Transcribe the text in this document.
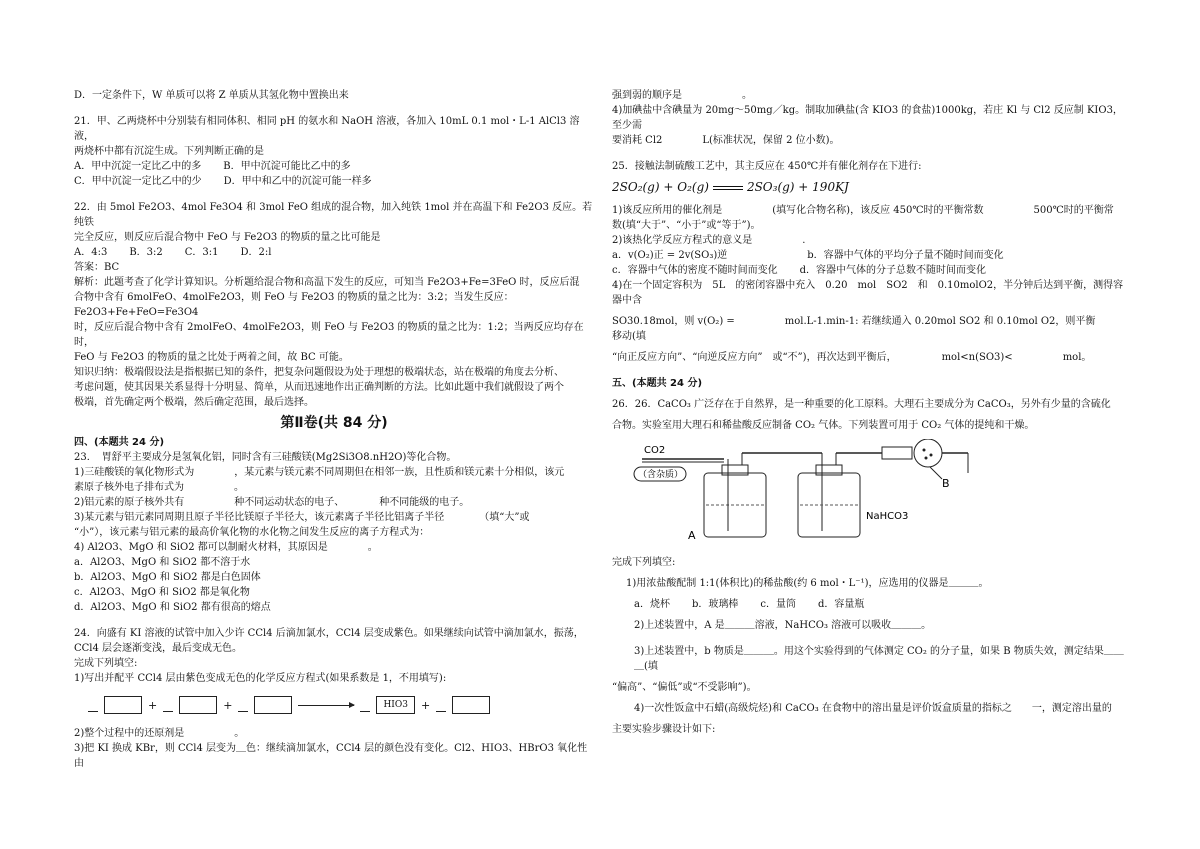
D．一定条件下，W 单质可以将 Z 单质从其氢化物中置换出来

21．甲、乙两烧杯中分别装有相同体积、相同 pH 的氨水和 NaOH 溶液，各加入 10mL 0.1 mol・L-1 AlCl3 溶液，

两烧杯中都有沉淀生成。下列判断正确的是

A．甲中沉淀一定比乙中的多 B．甲中沉淀可能比乙中的多
C．甲中沉淀一定比乙中的少 D．甲中和乙中的沉淀可能一样多

22．由 5mol Fe2O3、4mol Fe3O4 和 3mol FeO 组成的混合物，加入纯铁 1mol 并在高温下和 Fe2O3 反应。若纯铁

完全反应，则反应后混合物中 FeO 与 Fe2O3 的物质的量之比可能是

A．4:3 B．3:2 C．3:1 D．2:l

答案：BC

解析：此题考查了化学计算知识。分析题给混合物和高温下发生的反应，可知当 Fe2O3+Fe=3FeO 时，反应后混

合物中含有 6molFeO、4molFe2O3，则 FeO 与 Fe2O3 的物质的量之比为：3:2；当发生反应：Fe2O3+Fe+FeO=Fe3O4

时，反应后混合物中含有 2molFeO、4molFe2O3，则 FeO 与 Fe2O3 的物质的量之比为：1:2；当两反应均存在时，

FeO 与 Fe2O3 的物质的量之比处于两着之间，故 BC 可能。

知识归纳：极端假设法是指根据已知的条件，把复杂问题假设为处于理想的极端状态，站在极端的角度去分析、

考虑问题，使其因果关系显得十分明显、简单，从而迅速地作出正确判断的方法。比如此题中我们就假设了两个

极端，首先确定两个极端，然后确定范围，最后选择。

第Ⅱ卷(共 84 分)

四、(本题共 24 分)

23．　胃舒平主要成分是氢氧化铝，同时含有三硅酸镁(Mg2Si3O8.nH2O)等化合物。

1)三硅酸镁的氧化物形式为　　　　，某元素与镁元素不同周期但在相邻一族，且性质和镁元素十分相似，该元

素原子核外电子排布式为　　　　　。

2)铝元素的原子核外共有　　　　　种不同运动状态的电子、　　　　种不同能级的电子。

3)某元素与铝元素同周期且原子半径比镁原子半径大，该元素离子半径比铝离子半径　　　　（填“大”或

“小”），该元素与铝元素的最高价氧化物的水化物之间发生反应的离子方程式为：

4) Al2O3、MgO 和 SiO2 都可以制耐火材料，其原因是　　　　。

a．Al2O3、MgO 和 SiO2 都不溶于水

b．Al2O3、MgO 和 SiO2 都是白色固体

c．Al2O3、MgO 和 SiO2 都是氧化物

d．Al2O3、MgO 和 SiO2 都有很高的熔点

24．向盛有 KI 溶液的试管中加入少许 CCl4 后滴加氯水，CCl4 层变成紫色。如果继续向试管中滴加氯水，振荡，

CCl4 层会逐渐变浅，最后变成无色。

完成下列填空:

1)写出并配平 CCl4 层由紫色变成无色的化学反应方程式(如果系数是 1，不用填写):

+	+	HIO3	+

2)整个过程中的还原剂是　　　　　。

3)把 KI 换成 KBr，则 CCl4 层变为＿色：继续滴加氯水，CCl4 层的颜色没有变化。Cl2、HIO3、HBrO3 氧化性由

强到弱的顺序是　　　　　　。

4)加碘盐中含碘量为 20mg～50mg／kg。制取加碘盐(含 KIO3 的食盐)1000kg，若庄 Kl 与 Cl2 反应制 KIO3，至少需

要消耗 Cl2　　　　L(标准状况，保留 2 位小数)。

25．接触法制硫酸工艺中，其主反应在 450℃并有催化剂存在下进行:

2SO₂(g) + O₂(g)	2SO₃(g) + 190KJ

1)该反应所用的催化剂是　　　　　(填写化合物名称)，该反应 450℃时的平衡常数　　　　　500℃时的平衡常

数(填“大于”、“小于”或“等于”)。

2)该热化学反应方程式的意义是　　　　　.

a．v(O₂)正 = 2v(SO₃)逆	b．容器中气体的平均分子量不随时间而变化
c．容器中气体的密度不随时间而变化 d．容器中气体的分子总数不随时间而变化

4)在一个固定容积为　5L　的密闭容器中充入　0.20　mol　SO2　和　0.10molO2，半分钟后达到平衡，测得容器中含

SO30.18mol，则 v(O₂) =　　　　　mol.L-1.min-1: 若继续通入 0.20mol SO2 和 0.10mol O2，则平衡　　　　移动(填

“向正反应方向”、“向逆反应方向”　或“不”)，再次达到平衡后，　　　　　mol<n(SO3)<　　　　　mol。

五、(本题共 24 分)

26．26．CaCO₃ 广泛存在于自然界，是一种重要的化工原料。大理石主要成分为 CaCO₃，另外有少量的含硫化

合物。实验室用大理石和稀盐酸反应制备 CO₂ 气体。下列装置可用于 CO₂ 气体的提纯和干燥。

CO2
（含杂质）
A
NaHCO3
B

完成下列填空:

1)用浓盐酸配制 1:1(体积比)的稀盐酸(约 6 mol・L⁻¹)，应选用的仪器是＿＿＿。

a．烧杯 b．玻璃棒 c．量筒 d．容量瓶

2)上述装置中，A 是＿＿＿溶液，NaHCO₃ 溶液可以吸收＿＿＿。

3)上述装置中，b 物质是＿＿＿。用这个实验得到的气体测定 CO₂ 的分子量，如果 B 物质失效，测定结果＿＿＿(填

“偏高”、“偏低”或“不受影响”)。

4)一次性饭盒中石蜡(高级烷烃)和 CaCO₃ 在食物中的溶出量是评价饭盒质量的指标之　　一，测定溶出量的

主要实验步骤设计如下:
